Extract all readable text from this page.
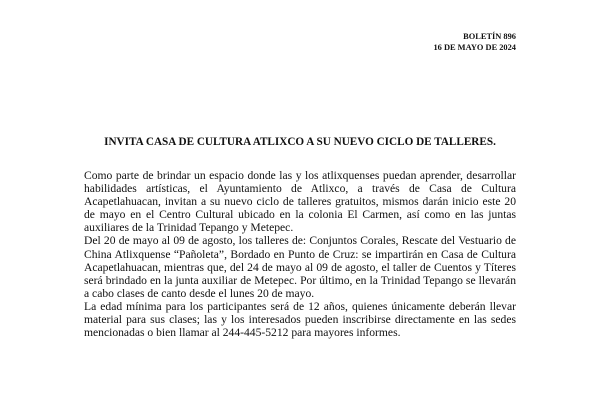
BOLETÍN 896
16 DE MAYO DE 2024
INVITA CASA DE CULTURA ATLIXCO A SU NUEVO CICLO DE TALLERES.

Como parte de brindar un espacio donde las y los atlixquenses puedan aprender, desarrollar habilidades artísticas, el Ayuntamiento de Atlixco, a través de Casa de Cultura Acapetlahuacan, invitan a su nuevo ciclo de talleres gratuitos, mismos darán inicio este 20 de mayo en el Centro Cultural ubicado en la colonia El Carmen, así como en las juntas auxiliares de la Trinidad Tepango y Metepec.

Del 20 de mayo al 09 de agosto, los talleres de: Conjuntos Corales, Rescate del Vestuario de China Atlixquense “Pañoleta”, Bordado en Punto de Cruz: se impartirán en Casa de Cultura Acapetlahuacan, mientras que, del 24 de mayo al 09 de agosto, el taller de Cuentos y Títeres será brindado en la junta auxiliar de Metepec. Por último, en la Trinidad Tepango se llevarán a cabo clases de canto desde el lunes 20 de mayo.

La edad mínima para los participantes será de 12 años, quienes únicamente deberán llevar material para sus clases; las y los interesados pueden inscribirse directamente en las sedes mencionadas o bien llamar al 244-445-5212 para mayores informes.
